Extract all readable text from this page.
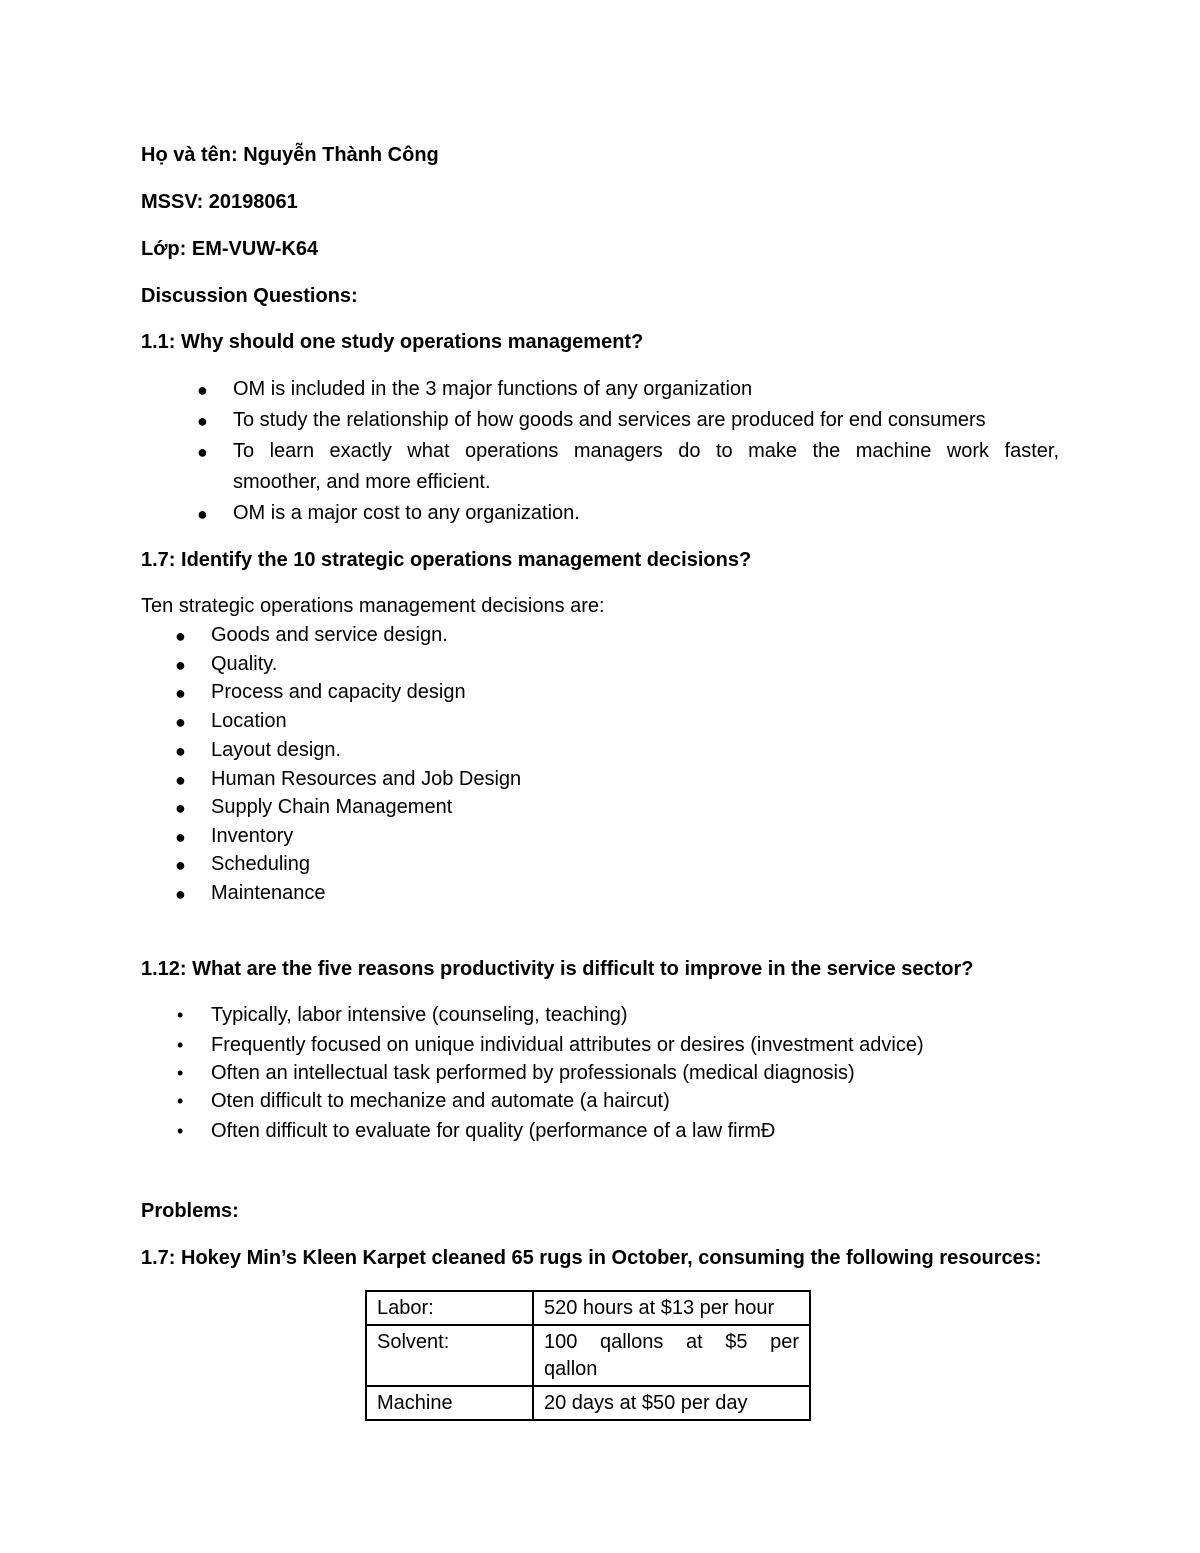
Họ và tên: Nguyễn Thành Công
MSSV: 20198061
Lớp: EM-VUW-K64
Discussion Questions:
1.1: Why should one study operations management?
● OM is included in the 3 major functions of any organization
● To study the relationship of how goods and services are produced for end consumers
● To learn exactly what operations managers do to make the machine work faster,
smoother, and more efficient.
● OM is a major cost to any organization.
1.7: Identify the 10 strategic operations management decisions?
Ten strategic operations management decisions are:
● Goods and service design.
● Quality.
● Process and capacity design
● Location
● Layout design.
● Human Resources and Job Design
● Supply Chain Management
● Inventory
● Scheduling
● Maintenance
1.12: What are the five reasons productivity is difficult to improve in the service sector?
• Typically, labor intensive (counseling, teaching)
• Frequently focused on unique individual attributes or desires (investment advice)
• Often an intellectual task performed by professionals (medical diagnosis)
• Oten difficult to mechanize and automate (a haircut)
• Often difficult to evaluate for quality (performance of a law firmĐ
Problems:
1.7: Hokey Min’s Kleen Karpet cleaned 65 rugs in October, consuming the following resources:
Labor:	520 hours at $13 per hour
Solvent:	100 qallons at $5 per
qallon

Machine	20 days at $50 per day
